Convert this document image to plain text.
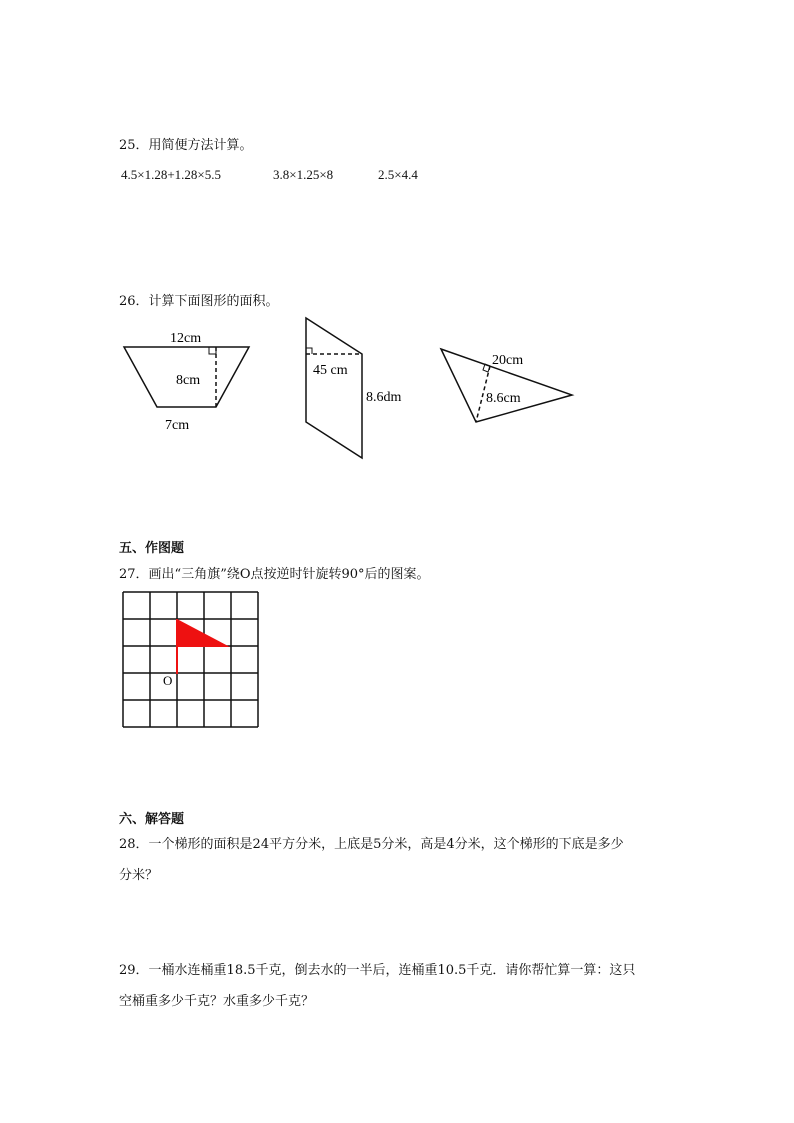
25．用简便方法计算。
4.5×1.28+1.28×5.5	3.8×1.25×8	2.5×4.4
26．计算下面图形的面积。
12cm
8cm
7cm
45 cm
8.6dm
20cm
8.6cm
五、作图题
27．画出“三角旗”绕O点按逆时针旋转90°后的图案。
O
六、解答题
28．一个梯形的面积是24平方分米，上底是5分米，高是4分米，这个梯形的下底是多少
分米？
29．一桶水连桶重18.5千克，倒去水的一半后，连桶重10.5千克．请你帮忙算一算：这只
空桶重多少千克？水重多少千克？
